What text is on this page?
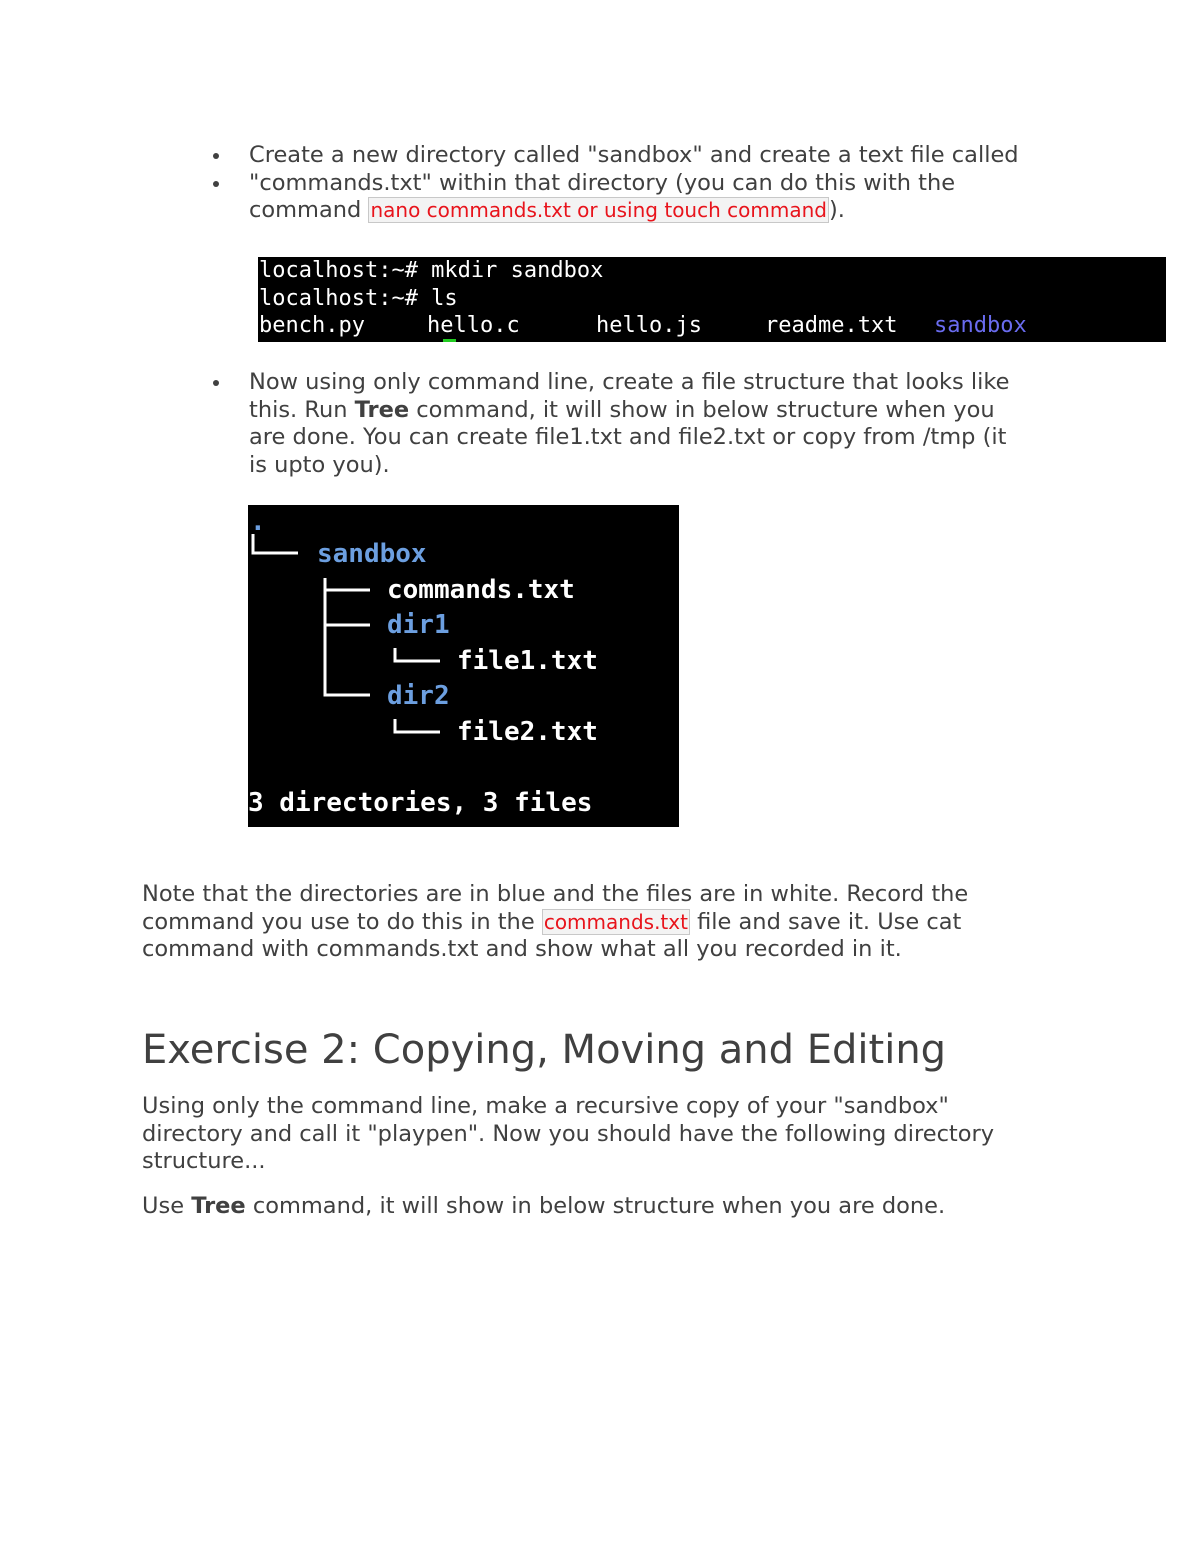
Create a new directory called "sandbox" and create a text file called
"commands.txt" within that directory (you can do this with the
command nano commands.txt or using touch command).

localhost:~# mkdir sandbox

localhost:~# ls

bench.py

	hello.c

	hello.js

	readme.txt

sandbox

Now using only command line, create a file structure that looks like
this. Run Tree command, it will show in below structure when you
are done. You can create file1.txt and file2.txt or copy from /tmp (it
is upto you).

.

sandbox

commands.txt

dir1

file1.txt

dir2

file2.txt

3 directories, 3 files

Note that the directories are in blue and the files are in white. Record the
command you use to do this in the commands.txt file and save it. Use cat
command with commands.txt and show what all you recorded in it.
Exercise 2: Copying, Moving and Editing
Using only the command line, make a recursive copy of your "sandbox"
directory and call it "playpen". Now you should have the following directory
structure...
Use Tree command, it will show in below structure when you are done.
